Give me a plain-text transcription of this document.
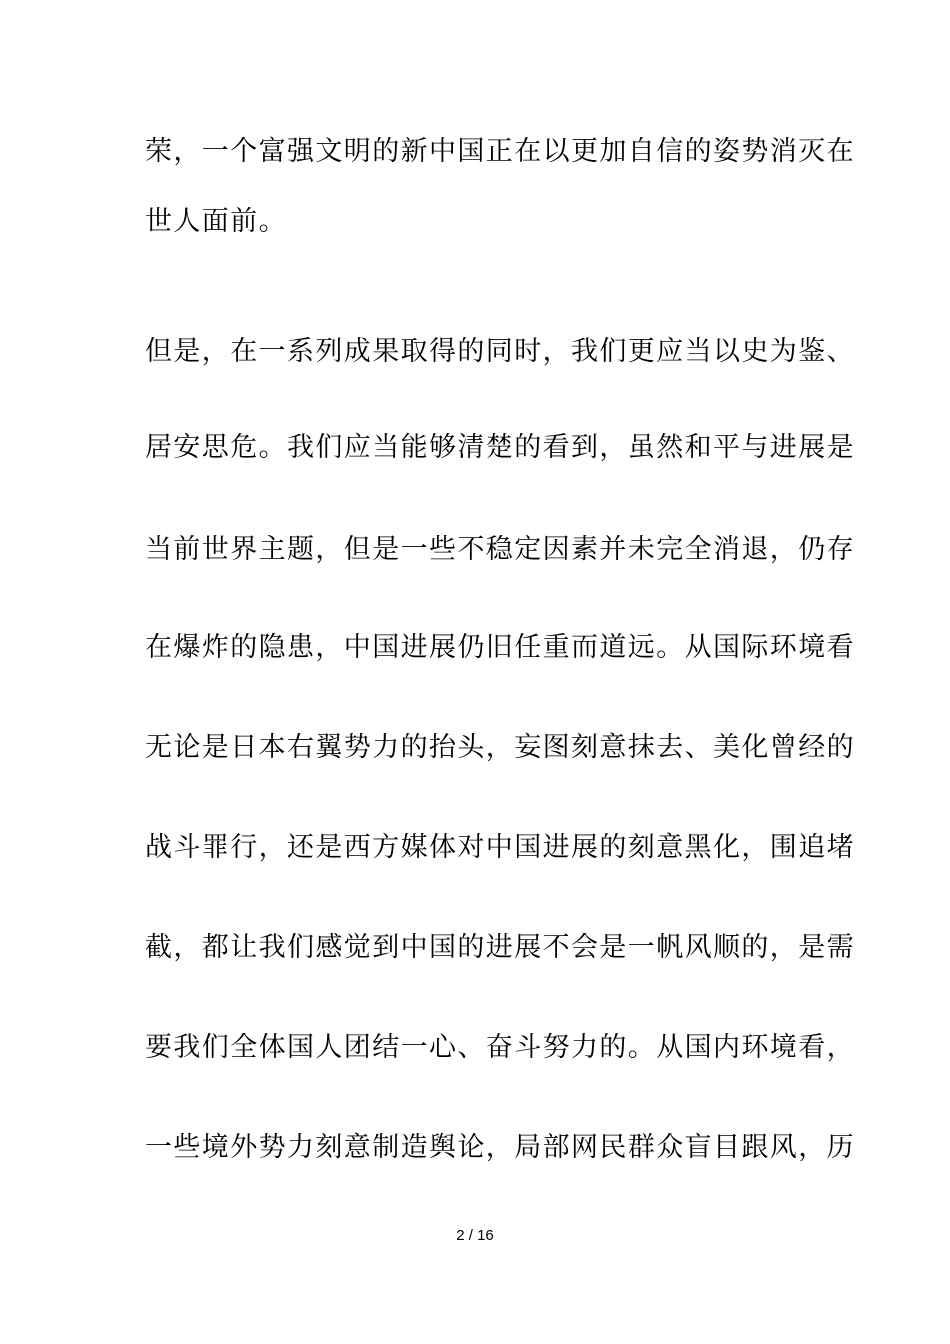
荣，一个富强文明的新中国正在以更加自信的姿势消灭在
世人面前。
但是，在一系列成果取得的同时，我们更应当以史为鉴、
居安思危。我们应当能够清楚的看到，虽然和平与进展是
当前世界主题，但是一些不稳定因素并未完全消退，仍存
在爆炸的隐患，中国进展仍旧任重而道远。从国际环境看
无论是日本右翼势力的抬头，妄图刻意抹去、美化曾经的
战斗罪行，还是西方媒体对中国进展的刻意黑化，围追堵
截，都让我们感觉到中国的进展不会是一帆风顺的，是需
要我们全体国人团结一心、奋斗努力的。从国内环境看，
一些境外势力刻意制造舆论，局部网民群众盲目跟风，历
2 / 16
